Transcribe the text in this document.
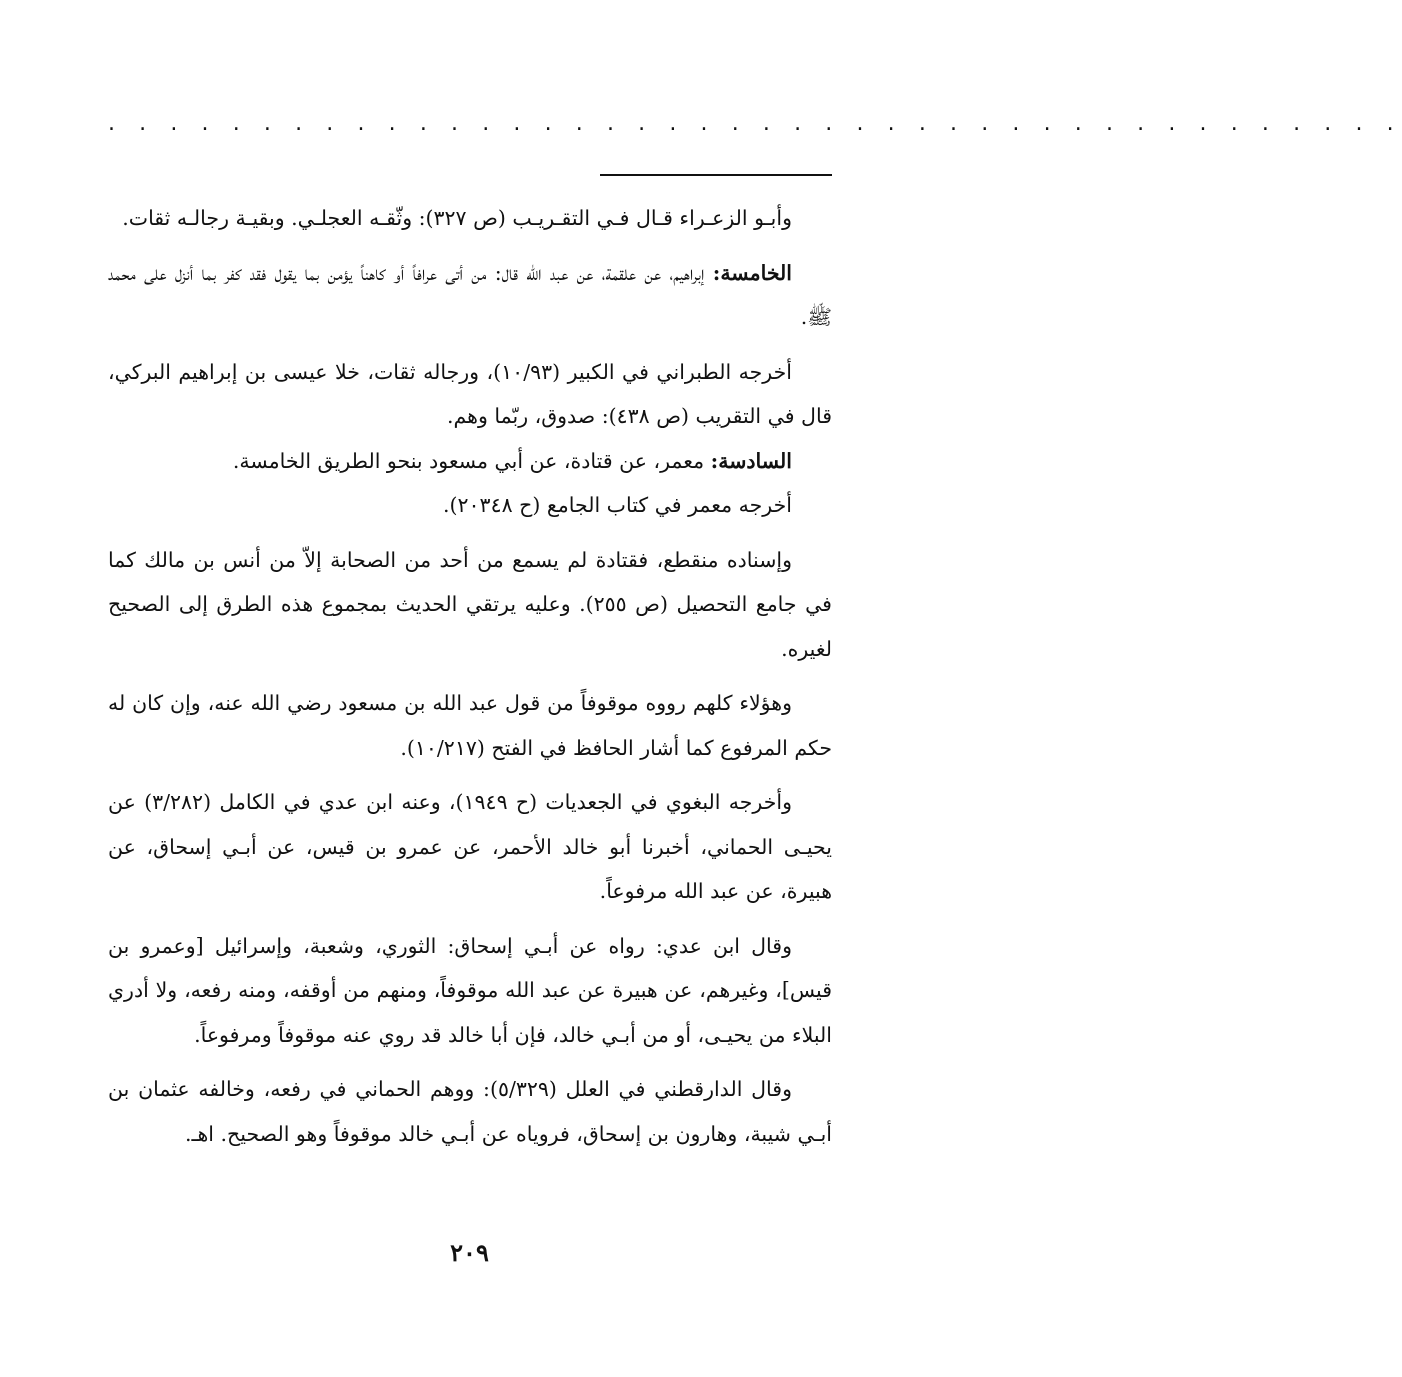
. . . . . . . . . . . . . . . . . . . . . . . . . . . . . . . . . . . . . . . . . .

وأبـو الزعـراء قـال فـي التقـريـب (ص ٣٢٧): وثّقـه العجلـي. وبقيـة رجالـه ثقات.

الخامسة: إبراهيم، عن علقمة، عن عبد الله قال: من أتى عرافاً أو كاهناً يؤمن بما يقول فقد كفر بما أنزل على محمد ﷺ.

أخرجه الطبراني في الكبير (١٠/٩٣)، ورجاله ثقات، خلا عيسى بن إبراهيم البركي، قال في التقريب (ص ٤٣٨): صدوق، ربّما وهم.

السادسة: معمر، عن قتادة، عن أبي مسعود بنحو الطريق الخامسة.

أخرجه معمر في كتاب الجامع (ح ٢٠٣٤٨).

وإسناده منقطع، فقتادة لم يسمع من أحد من الصحابة إلاّ من أنس بن مالك كما في جامع التحصيل (ص ٢٥٥). وعليه يرتقي الحديث بمجموع هذه الطرق إلى الصحيح لغيره.

وهؤلاء كلهم رووه موقوفاً من قول عبد الله بن مسعود رضي الله عنه، وإن كان له حكم المرفوع كما أشار الحافظ في الفتح (١٠/٢١٧).

وأخرجه البغوي في الجعديات (ح ١٩٤٩)، وعنه ابن عدي في الكامل (٣/٢٨٢) عن يحيـى الحماني، أخبرنا أبو خالد الأحمر، عن عمرو بن قيس، عن أبـي إسحاق، عن هبيرة، عن عبد الله مرفوعاً.

وقال ابن عدي: رواه عن أبـي إسحاق: الثوري، وشعبة، وإسرائيل [وعمرو بن قيس]، وغيرهم، عن هبيرة عن عبد الله موقوفاً، ومنهم من أوقفه، ومنه رفعه، ولا أدري البلاء من يحيـى، أو من أبـي خالد، فإن أبا خالد قد روي عنه موقوفاً ومرفوعاً.

وقال الدارقطني في العلل (٥/٣٢٩): ووهم الحماني في رفعه، وخالفه عثمان بن أبـي شيبة، وهارون بن إسحاق، فروياه عن أبـي خالد موقوفاً وهو الصحيح. اهـ.

٢٠٩
